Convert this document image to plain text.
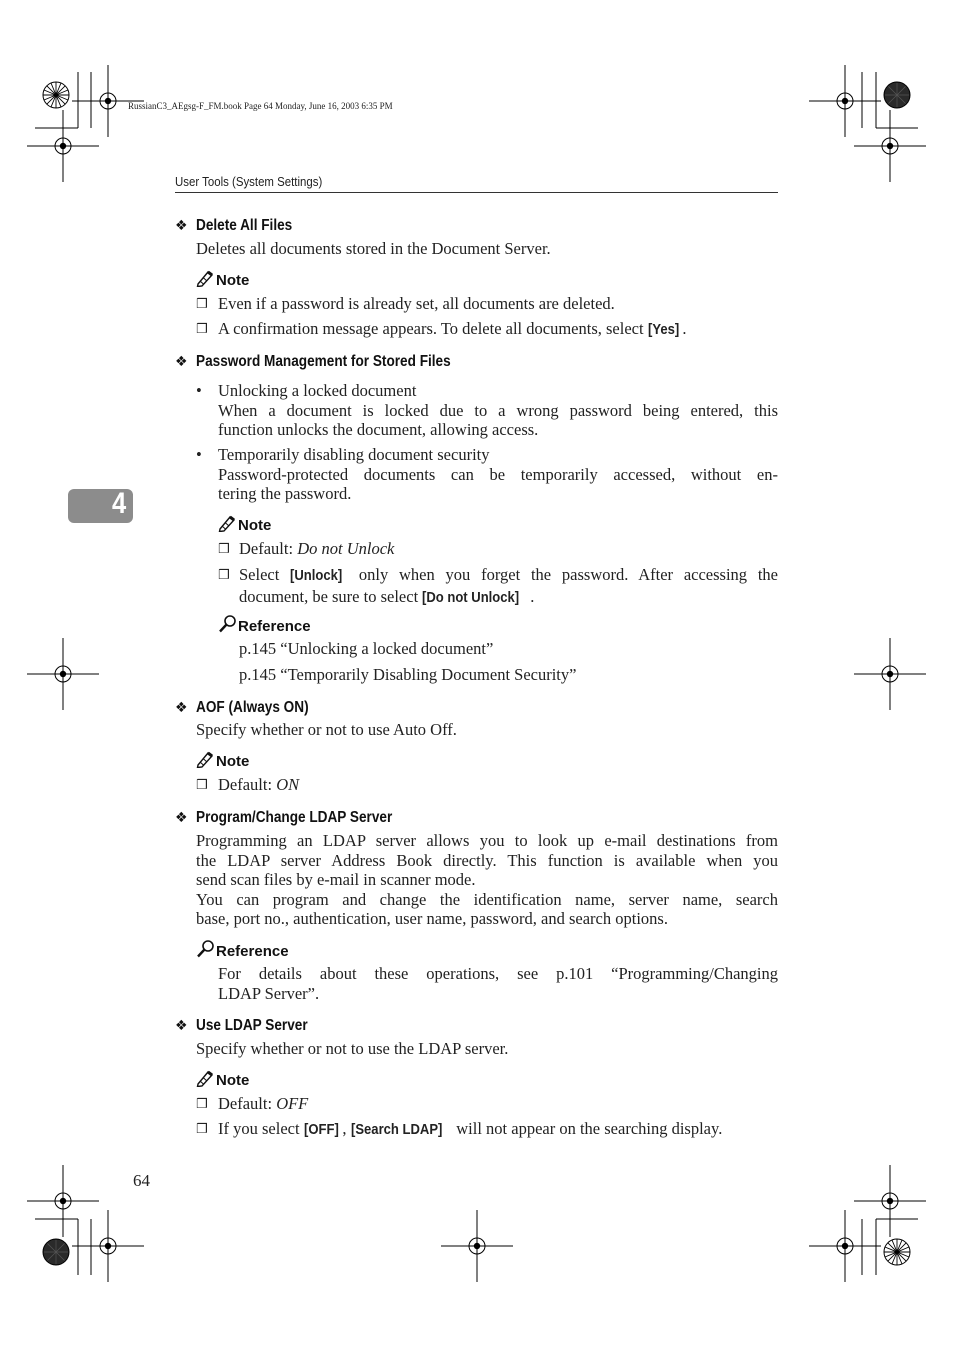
RussianC3_AEgsg-F_FM.book Page 64 Monday, June 16, 2003 6:35 PM
User Tools (System Settings)
4
❖ Delete All Files
Deletes all documents stored in the Document Server.
Note
❒ Even if a password is already set, all documents are deleted.
❒ A confirmation message appears. To delete all documents, select [Yes] .
❖ Password Management for Stored Files
• Unlocking a locked document
When a document is locked due to a wrong password being entered, this
function unlocks the document, allowing access.
• Temporarily disabling document security
Password-protected documents can be temporarily accessed, without en-
tering the password.
Note
❒ Default: Do not Unlock
❒ Select [Unlock] only when you forget the password. After accessing the
document, be sure to select [Do not Unlock] .
Reference
p.145 “Unlocking a locked document”
p.145 “Temporarily Disabling Document Security”
❖ AOF (Always ON)
Specify whether or not to use Auto Off.
Note
❒ Default: ON
❖ Program/Change LDAP Server
Programming an LDAP server allows you to look up e-mail destinations from
the LDAP server Address Book directly. This function is available when you
send scan files by e-mail in scanner mode.
You can program and change the identification name, server name, search
base, port no., authentication, user name, password, and search options.
Reference
For details about these operations, see p.101 “Programming/Changing
LDAP Server”.
❖ Use LDAP Server
Specify whether or not to use the LDAP server.
Note
❒ Default: OFF
❒ If you select [OFF] , [Search LDAP] will not appear on the searching display.
64
